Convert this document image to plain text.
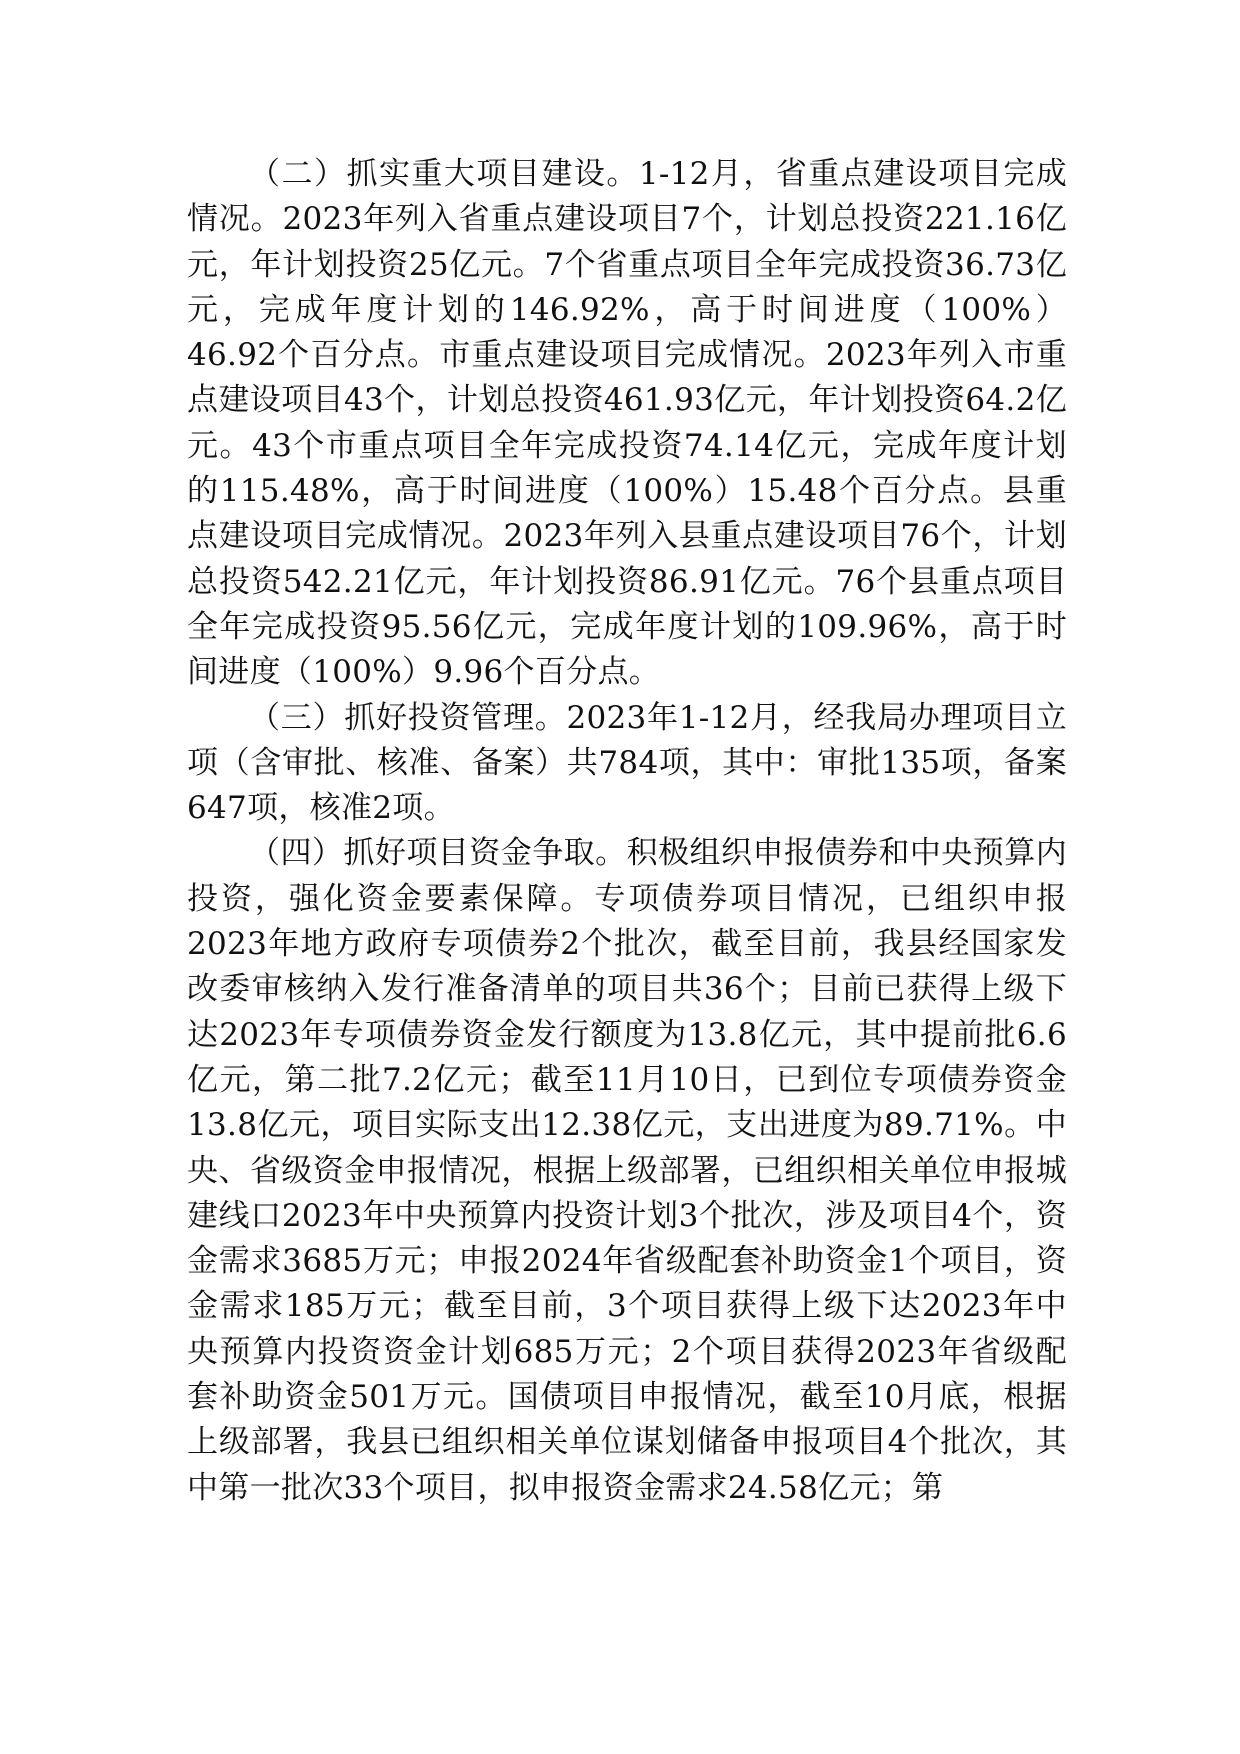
（二）抓实重大项目建设。1-12月，省重点建设项目完成情况。2023年列入省重点建设项目7个，计划总投资221.16亿元，年计划投资25亿元。7个省重点项目全年完成投资36.73亿元，完成年度计划的146.92%，高于时间进度（100%）46.92个百分点。市重点建设项目完成情况。2023年列入市重点建设项目43个，计划总投资461.93亿元，年计划投资64.2亿元。43个市重点项目全年完成投资74.14亿元，完成年度计划的115.48%，高于时间进度（100%）15.48个百分点。县重点建设项目完成情况。2023年列入县重点建设项目76个，计划总投资542.21亿元，年计划投资86.91亿元。76个县重点项目全年完成投资95.56亿元，完成年度计划的109.96%，高于时间进度（100%）9.96个百分点。

（三）抓好投资管理。2023年1-12月，经我局办理项目立项（含审批、核准、备案）共784项，其中：审批135项，备案647项，核准2项。

（四）抓好项目资金争取。积极组织申报债券和中央预算内投资，强化资金要素保障。专项债券项目情况，已组织申报2023年地方政府专项债券2个批次，截至目前，我县经国家发改委审核纳入发行准备清单的项目共36个；目前已获得上级下达2023年专项债券资金发行额度为13.8亿元，其中提前批6.6亿元，第二批7.2亿元；截至11月10日，已到位专项债券资金13.8亿元，项目实际支出12.38亿元，支出进度为89.71%。中央、省级资金申报情况，根据上级部署，已组织相关单位申报城建线口2023年中央预算内投资计划3个批次，涉及项目4个，资金需求3685万元；申报2024年省级配套补助资金1个项目，资金需求185万元；截至目前，3个项目获得上级下达2023年中央预算内投资资金计划685万元；2个项目获得2023年省级配套补助资金501万元。国债项目申报情况，截至10月底，根据上级部署，我县已组织相关单位谋划储备申报项目4个批次，其中第一批次33个项目，拟申报资金需求24.58亿元；第
